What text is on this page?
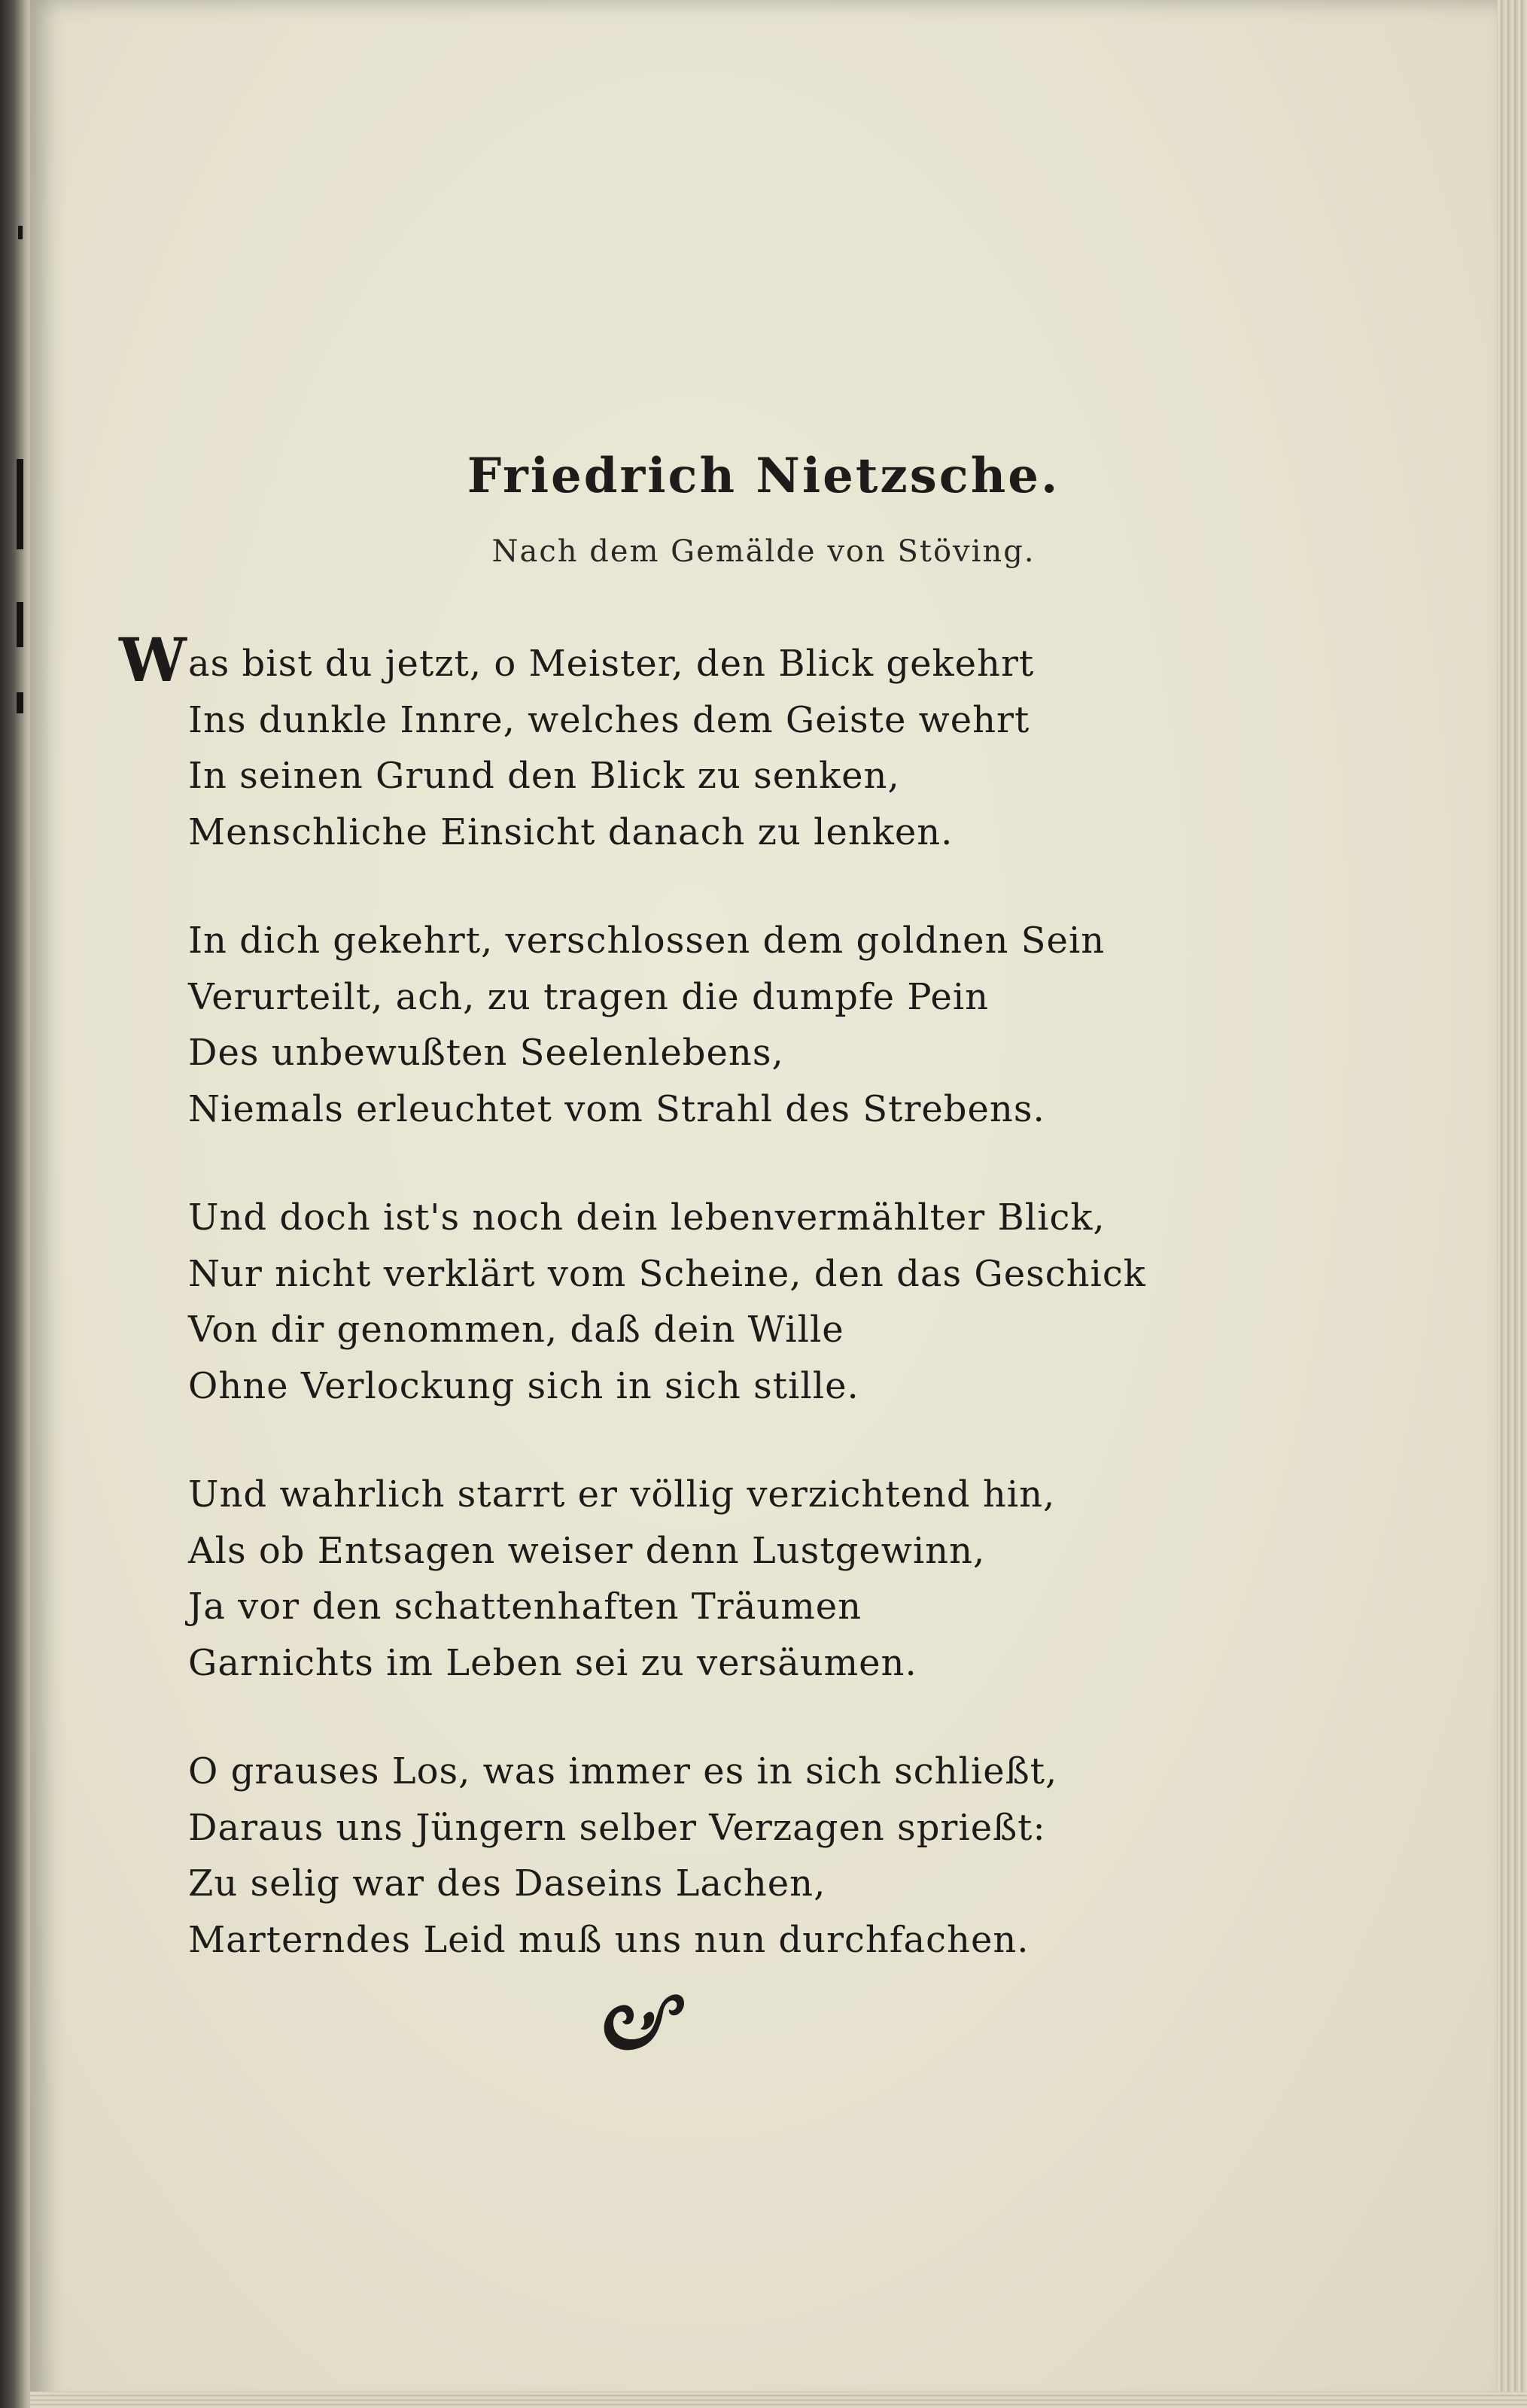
Friedrich Nietzsche.
Nach dem Gemälde von Stöving.
Was bist du jetzt, o Meister, den Blick gekehrt
Ins dunkle Innre, welches dem Geiste wehrt
In seinen Grund den Blick zu senken,
Menschliche Einsicht danach zu lenken.
In dich gekehrt, verschlossen dem goldnen Sein
Verurteilt, ach, zu tragen die dumpfe Pein
Des unbewußten Seelenlebens,
Niemals erleuchtet vom Strahl des Strebens.
Und doch ist's noch dein lebenvermählter Blick,
Nur nicht verklärt vom Scheine, den das Geschick
Von dir genommen, daß dein Wille
Ohne Verlockung sich in sich stille.
Und wahrlich starrt er völlig verzichtend hin,
Als ob Entsagen weiser denn Lustgewinn,
Ja vor den schattenhaften Träumen
Garnichts im Leben sei zu versäumen.
O grauses Los, was immer es in sich schließt,
Daraus uns Jüngern selber Verzagen sprießt:
Zu selig war des Daseins Lachen,
Marterndes Leid muß uns nun durchfachen.
